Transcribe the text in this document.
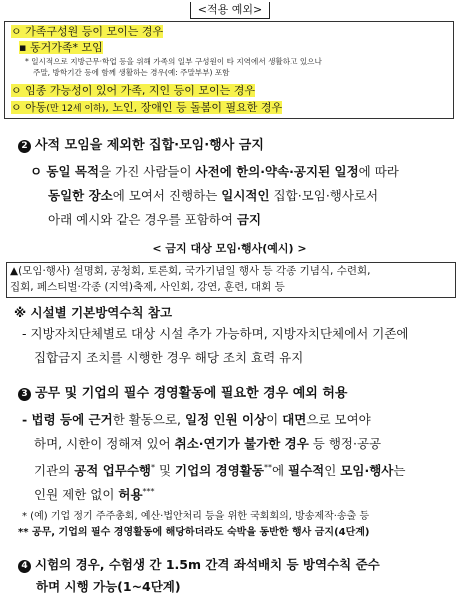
<적용 예외>
ㅇ 가족구성원 등이 모이는 경우
▪ 동거가족* 모임
* 일시적으로 지방근무·학업 등을 위해 가족의 일부 구성원이 타 지역에서 생활하고 있으나
주말, 방학기간 등에 함께 생활하는 경우(예: 주말부부) 포함
ㅇ 임종 가능성이 있어 가족, 지인 등이 모이는 경우
ㅇ 아동(만 12세 이하), 노인, 장애인 등 돌봄이 필요한 경우
2 사적 모임을 제외한 집합·모임·행사 금지
ㅇ 동일 목적을 가진 사람들이 사전에 한의·약속·공지된 일정에 따라
동일한 장소에 모여서 진행하는 일시적인 집합·모임·행사로서
아래 예시와 같은 경우를 포함하여 금지
< 금지 대상 모임·행사(예시) >
▲(모임·행사) 설명회, 공청회, 토론회, 국가기념일 행사 등 각종 기념식, 수련회,
집회, 페스티벌·각종 (지역)축제, 사인회, 강연, 훈련, 대회 등
※ 시설별 기본방역수칙 참고
- 지방자치단체별로 대상 시설 추가 가능하며, 지방자치단체에서 기존에
집합금지 조치를 시행한 경우 해당 조치 효력 유지
3 공무 및 기업의 필수 경영활동에 필요한 경우 예외 허용
- 법령 등에 근거한 활동으로, 일정 인원 이상이 대면으로 모여야
하며, 시한이 정해져 있어 취소·연기가 불가한 경우 등 행정·공공
기관의 공적 업무수행* 및 기업의 경영활동**에 필수적인 모임·행사는
인원 제한 없이 허용***
* (예) 기업 정기 주주총회, 예산·법안처리 등을 위한 국회회의, 방송제작·송출 등
** 공무, 기업의 필수 경영활동에 해당하더라도 숙박을 동반한 행사 금지(4단계)
4 시험의 경우, 수험생 간 1.5m 간격 좌석배치 등 방역수칙 준수
하며 시행 가능(1~4단계)
